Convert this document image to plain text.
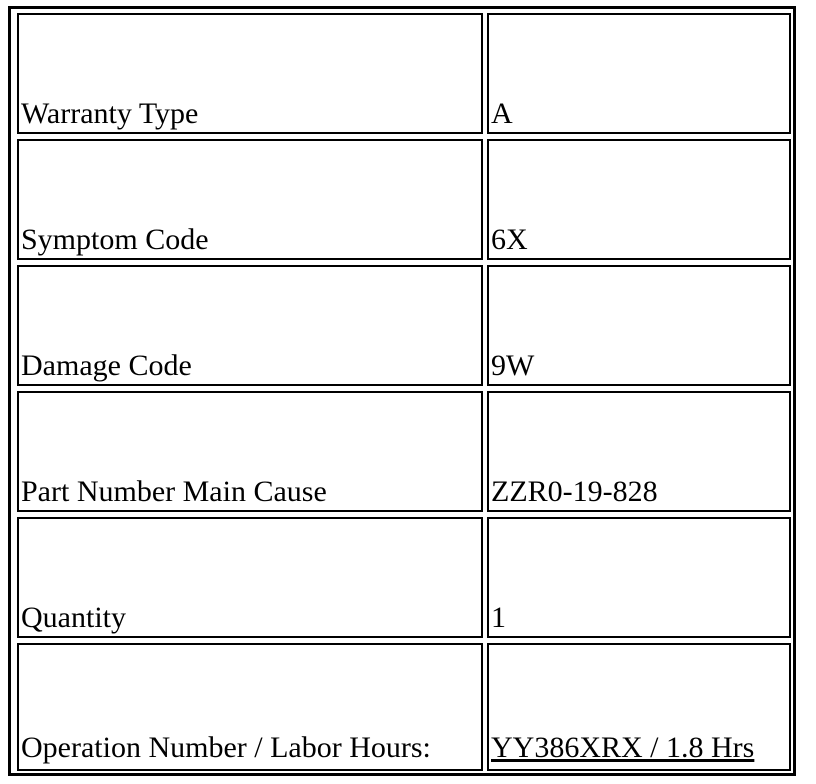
Warranty Type	A
Symptom Code	6X
Damage Code	9W
Part Number Main Cause	ZZR0-19-828
Quantity	1
Operation Number / Labor Hours:	YY386XRX / 1.8 Hrs
